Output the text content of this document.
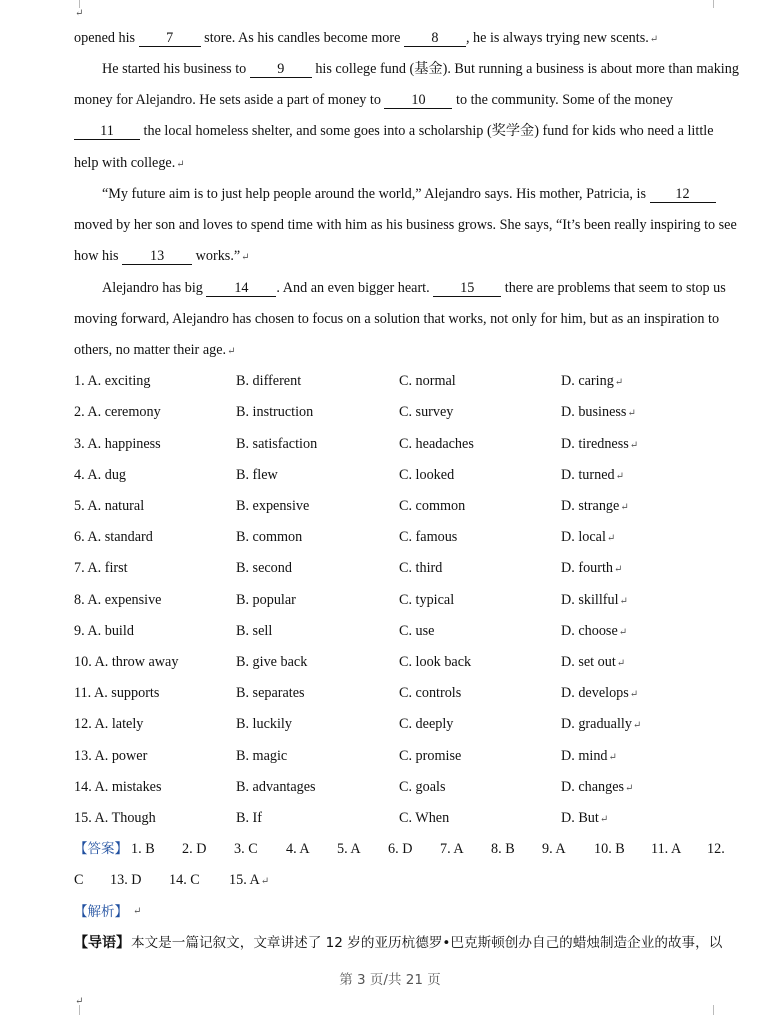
↵
opened his 7 store. As his candles become more 8 , he is always trying new scents.↵
He started his business to 9 his college fund (基金). But running a business is about more than making
money for Alejandro. He sets aside a part of money to 10 to the community. Some of the money
11 the local homeless shelter, and some goes into a scholarship (奖学金) fund for kids who need a little
help with college.↵
“My future aim is to just help people around the world,” Alejandro says. His mother, Patricia, is 12
moved by her son and loves to spend time with him as his business grows. She says, “It’s been really inspiring to see
how his 13 works.”↵
Alejandro has big 14 . And an even bigger heart. 15 there are problems that seem to stop us
moving forward, Alejandro has chosen to focus on a solution that works, not only for him, but as an inspiration to
others, no matter their age.↵
1. A. exciting	B. different	C. normal	D. caring↵
2. A. ceremony	B. instruction	C. survey	D. business↵
3. A. happiness	B. satisfaction	C. headaches	D. tiredness↵
4. A. dug	B. flew	C. looked	D. turned↵
5. A. natural	B. expensive	C. common	D. strange↵
6. A. standard	B. common	C. famous	D. local↵
7. A. first	B. second	C. third	D. fourth↵
8. A. expensive	B. popular	C. typical	D. skillful↵
9. A. build	B. sell	C. use	D. choose↵
10. A. throw away	B. give back	C. look back	D. set out↵
11. A. supports	B. separates	C. controls	D. develops↵
12. A. lately	B. luckily	C. deeply	D. gradually↵
13. A. power	B. magic	C. promise	D. mind↵
14. A. mistakes	B. advantages	C. goals	D. changes↵
15. A. Though	B. If	C. When	D. But↵
【答案】 1. B 2. D 3. C 4. A 5. A 6. D 7. A 8. B 9. A 10. B 11. A 12.
C 13. D 14. C 15. A↵
【解析】 ↵
【导语】 本文是一篇记叙文，文章讲述了 12 岁的亚历杭德罗•巴克斯顿创办自己的蜡烛制造企业的故事，以
↵
第 3 页/共 21 页
